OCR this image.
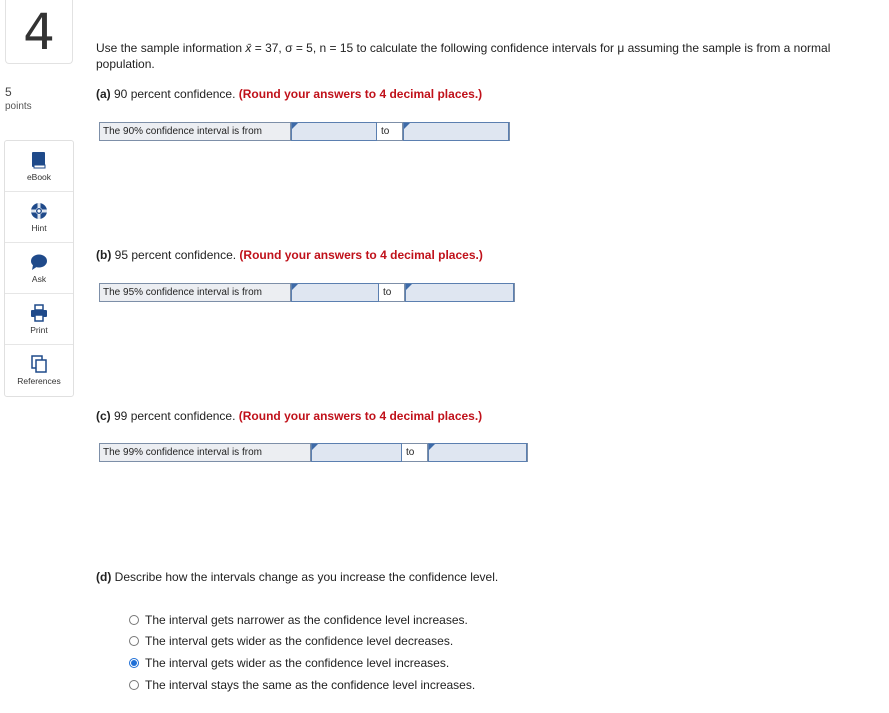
4
5
points
eBook
Hint
Ask
Print
References
Use the sample information x̄ = 37, σ = 5, n = 15 to calculate the following confidence intervals for μ assuming the sample is from a normal population.
(a) 90 percent confidence. (Round your answers to 4 decimal places.)
The 90% confidence interval is from	to
(b) 95 percent confidence. (Round your answers to 4 decimal places.)
The 95% confidence interval is from	to
(c) 99 percent confidence. (Round your answers to 4 decimal places.)
The 99% confidence interval is from	to
(d) Describe how the intervals change as you increase the confidence level.
The interval gets narrower as the confidence level increases.
The interval gets wider as the confidence level decreases.
The interval gets wider as the confidence level increases.
The interval stays the same as the confidence level increases.
